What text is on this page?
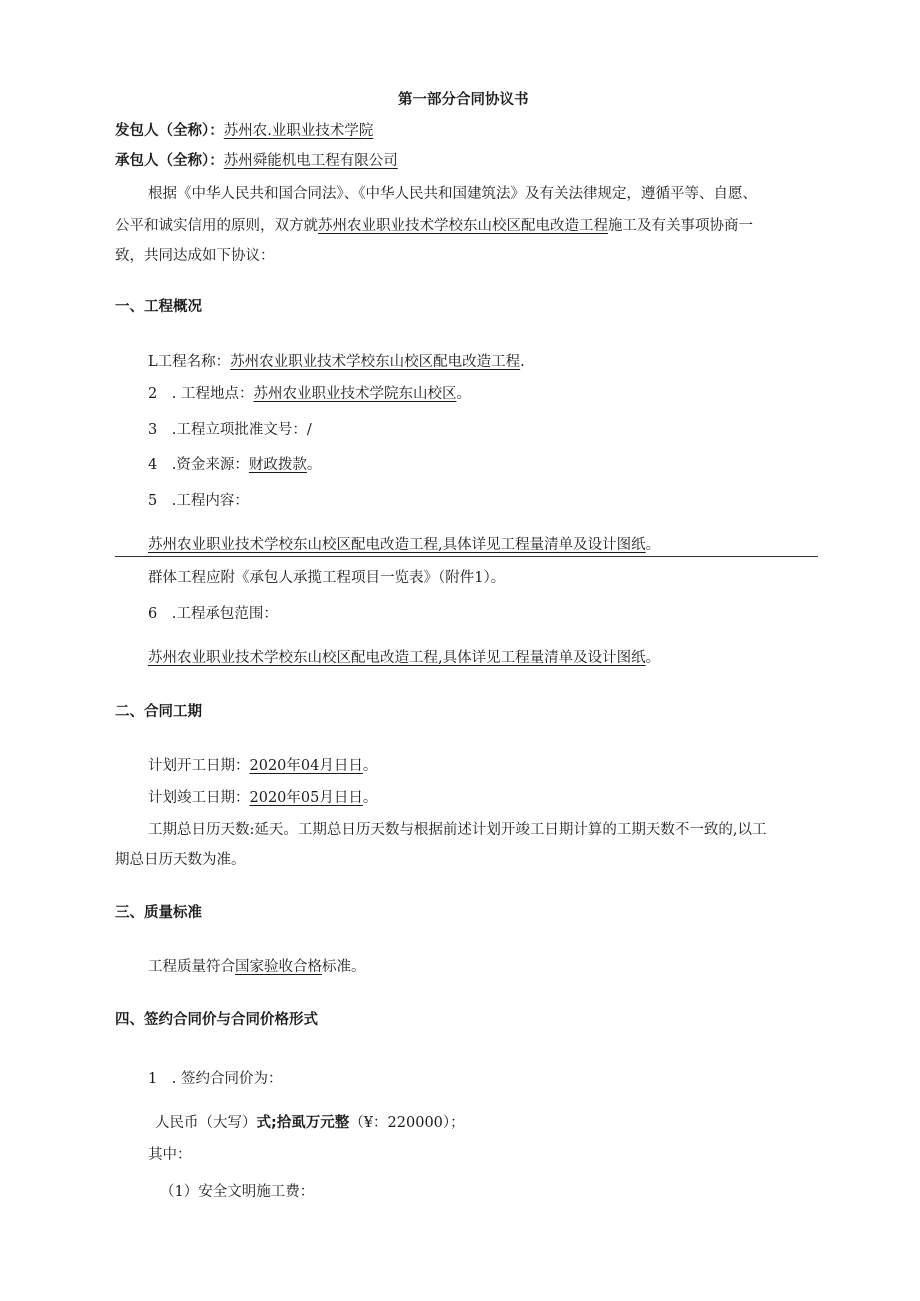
第一部分合同协议书
发包人（全称）：苏州农.业职业技术学院
承包人（全称）：苏州舜能机电工程有限公司
根据《中华人民共和国合同法》、《中华人民共和国建筑法》及有关法律规定，遵循平等、自愿、
公平和诚实信用的原则，双方就苏州农业职业技术学校东山校区配电改造工程施工及有关事项协商一
致，共同达成如下协议：
一、工程概况
L工程名称：苏州农业职业技术学校东山校区配电改造工程.
2　. 工程地点：苏州农业职业技术学院东山校区。
3　.工程立项批准文号：/
4　.资金来源：财政拨款。
5　.工程内容：
苏州农业职业技术学校东山校区配电改造工程,具体详见工程量清单及设计图纸。
群体工程应附《承包人承揽工程项目一览表》（附件1）。
6　.工程承包范围：
苏州农业职业技术学校东山校区配电改造工程,具体详见工程量清单及设计图纸。
二、合同工期
计划开工日期：2020年04月日日。
计划竣工日期：2020年05月日日。
工期总日历天数:延天。工期总日历天数与根据前述计划开竣工日期计算的工期天数不一致的,以工
期总日历天数为准。
三、质量标准
工程质量符合国家验收合格标准。
四、签约合同价与合同价格形式
1　. 签约合同价为：
人民币（大写）式;拾虱万元整（¥：220000）；
其中：
（1）安全文明施工费：
